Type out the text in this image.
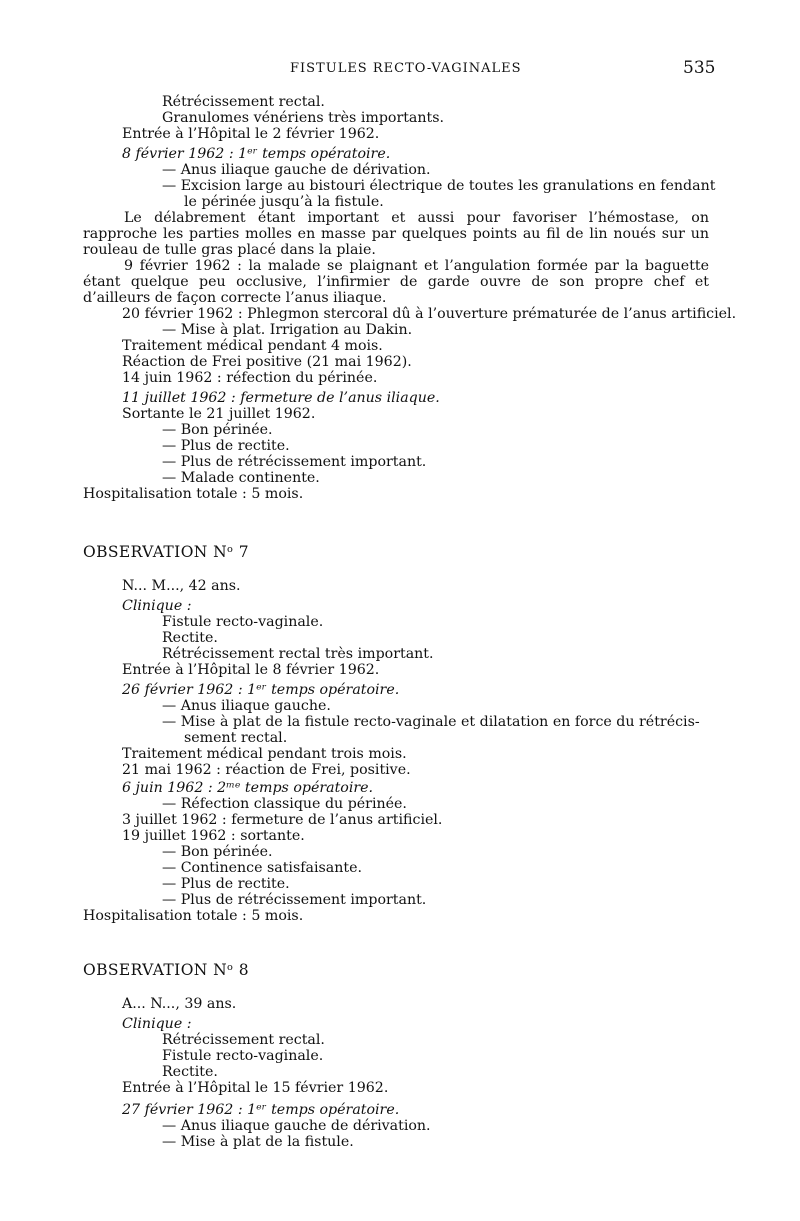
FISTULES RECTO-VAGINALES	535
Rétrécissement rectal.
Granulomes vénériens très importants.
Entrée à l’Hôpital le 2 février 1962.
8 février 1962 : 1ᵉʳ temps opératoire.
— Anus iliaque gauche de dérivation.
— Excision large au bistouri électrique de toutes les granulations en fendant
le périnée jusqu’à la fistule.
Le délabrement étant important et aussi pour favoriser l’hémostase, on rapproche les parties molles en masse par quelques points au fil de lin noués sur un rouleau de tulle gras placé dans la plaie.
9 février 1962 : la malade se plaignant et l’angulation formée par la baguette étant quelque peu occlusive, l’infirmier de garde ouvre de son propre chef et d’ailleurs de façon correcte l’anus iliaque.
20 février 1962 : Phlegmon stercoral dû à l’ouverture prématurée de l’anus artificiel.
— Mise à plat. Irrigation au Dakin.
Traitement médical pendant 4 mois.
Réaction de Frei positive (21 mai 1962).
14 juin 1962 : réfection du périnée.
11 juillet 1962 : fermeture de l’anus iliaque.
Sortante le 21 juillet 1962.
— Bon périnée.
— Plus de rectite.
— Plus de rétrécissement important.
— Malade continente.
Hospitalisation totale : 5 mois.
OBSERVATION Nᵒ 7
N... M..., 42 ans.
Clinique :
Fistule recto-vaginale.
Rectite.
Rétrécissement rectal très important.
Entrée à l’Hôpital le 8 février 1962.
26 février 1962 : 1ᵉʳ temps opératoire.
— Anus iliaque gauche.
— Mise à plat de la fistule recto-vaginale et dilatation en force du rétrécis-
sement rectal.
Traitement médical pendant trois mois.
21 mai 1962 : réaction de Frei, positive.
6 juin 1962 : 2ᵐᵉ temps opératoire.
— Réfection classique du périnée.
3 juillet 1962 : fermeture de l’anus artificiel.
19 juillet 1962 : sortante.
— Bon périnée.
— Continence satisfaisante.
— Plus de rectite.
— Plus de rétrécissement important.
Hospitalisation totale : 5 mois.
OBSERVATION Nᵒ 8
A... N..., 39 ans.
Clinique :
Rétrécissement rectal.
Fistule recto-vaginale.
Rectite.
Entrée à l’Hôpital le 15 février 1962.
27 février 1962 : 1ᵉʳ temps opératoire.
— Anus iliaque gauche de dérivation.
— Mise à plat de la fistule.
